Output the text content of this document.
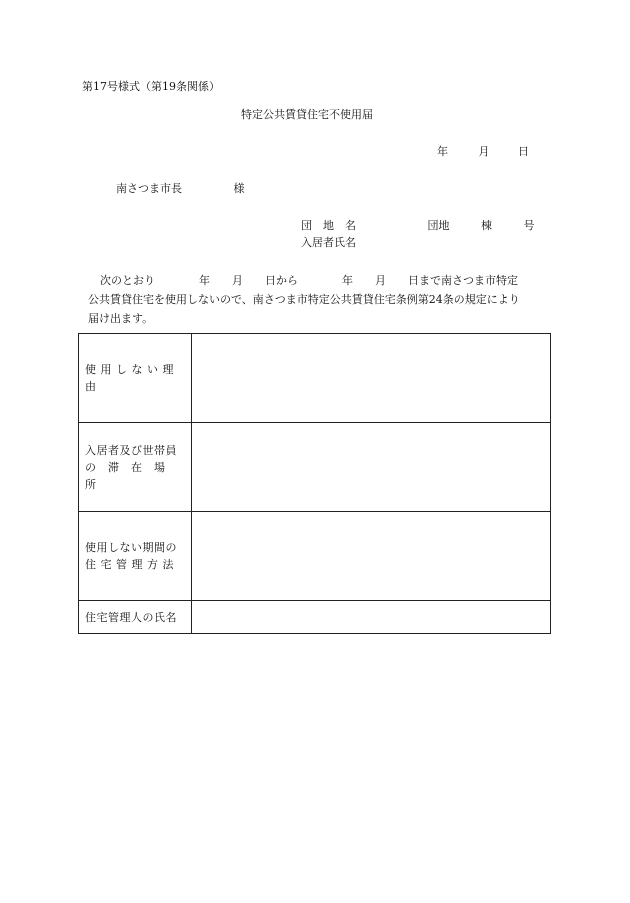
第17号様式（第19条関係）
特定公共賃貸住宅不使用届
年	月	日
南さつま市長	様
団　地　名	団地	棟	号
入居者氏名

次のとおり　　　　年　　月　　日から　　　　年　　月　　日まで南さつま市特定

公共賃貸住宅を使用しないので、南さつま市特定公共賃貸住宅条例第24条の規定により

届け出ます。

使 用 し な い 理 由	

入居者及び世帯員
の　滞　在　場　所	

使用しない期間の
住 宅 管 理 方 法	

住宅管理人の氏名	
